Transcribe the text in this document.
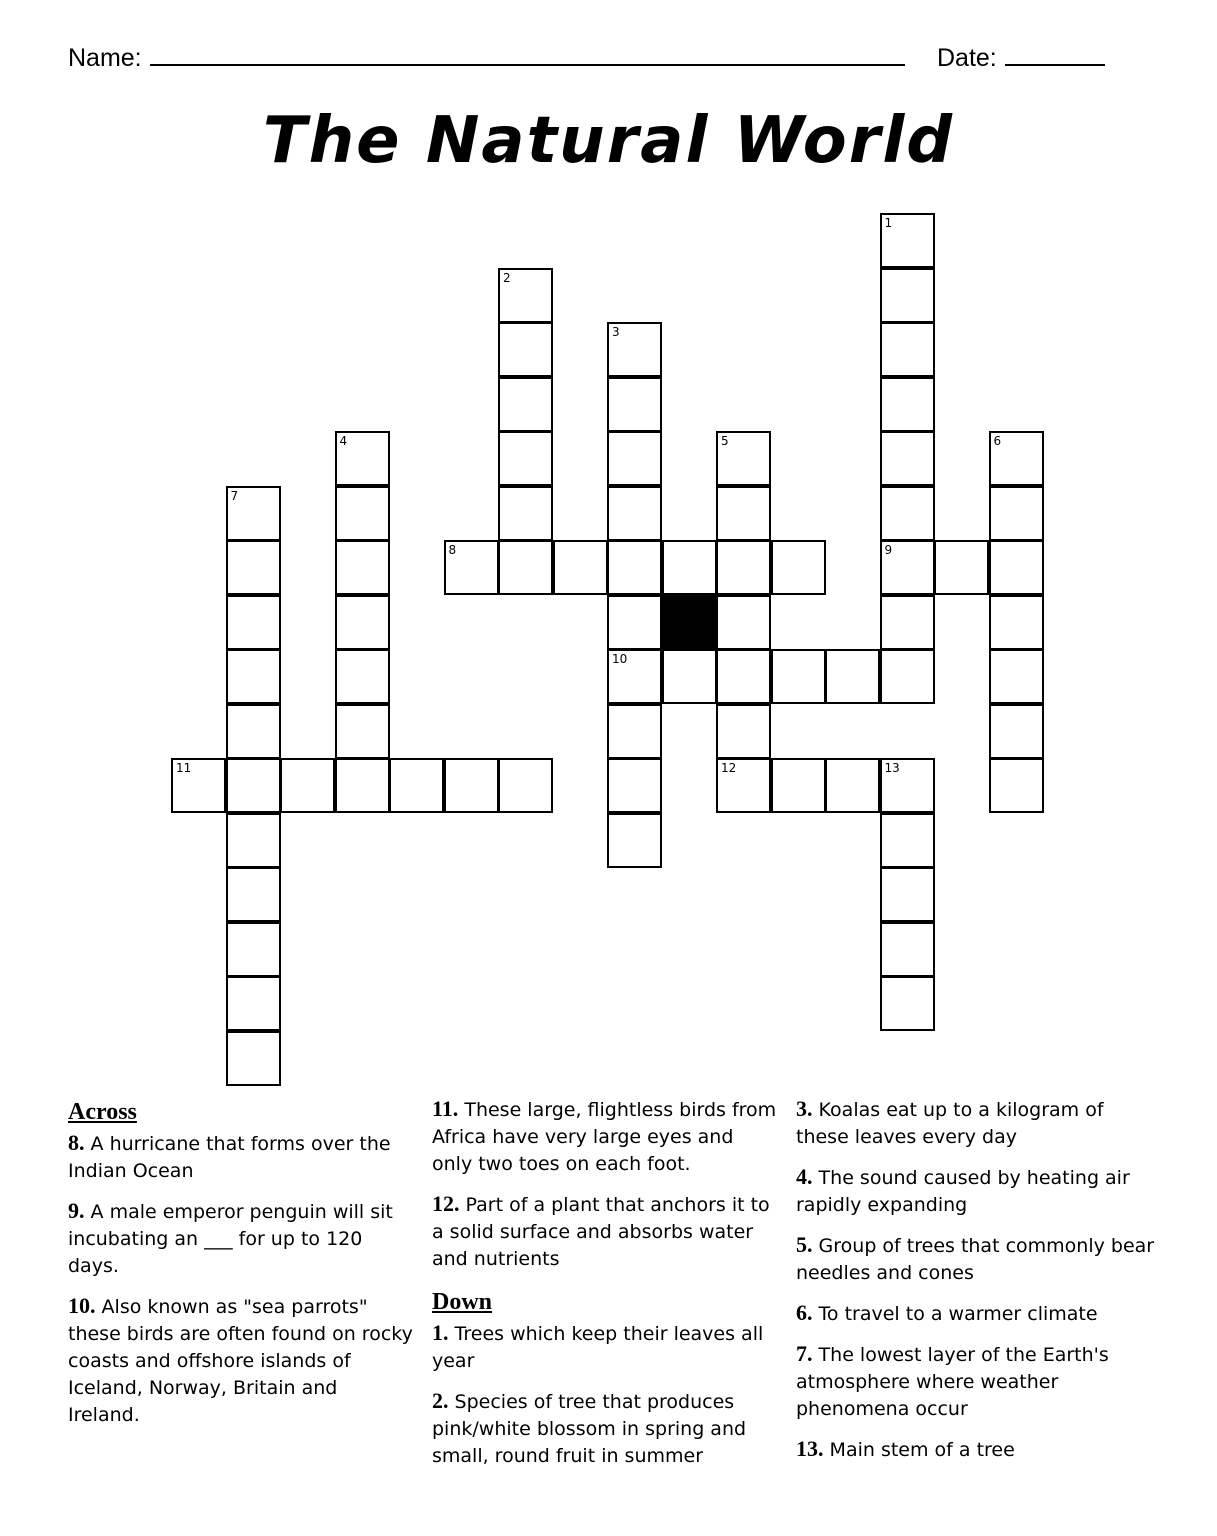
Name:	Date:
The Natural World
1
9
2
3
10
4	5	6
7
8
11	12	13
Across
8. A hurricane that forms over the Indian Ocean
9. A male emperor penguin will sit incubating an ___ for up to 120 days.
10. Also known as "sea parrots" these birds are often found on rocky coasts and offshore islands of Iceland, Norway, Britain and Ireland.
11. These large, flightless birds from Africa have very large eyes and only two toes on each foot.
12. Part of a plant that anchors it to a solid surface and absorbs water and nutrients
Down
1. Trees which keep their leaves all year
2. Species of tree that produces pink/white blossom in spring and small, round fruit in summer
3. Koalas eat up to a kilogram of these leaves every day
4. The sound caused by heating air rapidly expanding
5. Group of trees that commonly bear needles and cones
6. To travel to a warmer climate
7. The lowest layer of the Earth's atmosphere where weather phenomena occur
13. Main stem of a tree
